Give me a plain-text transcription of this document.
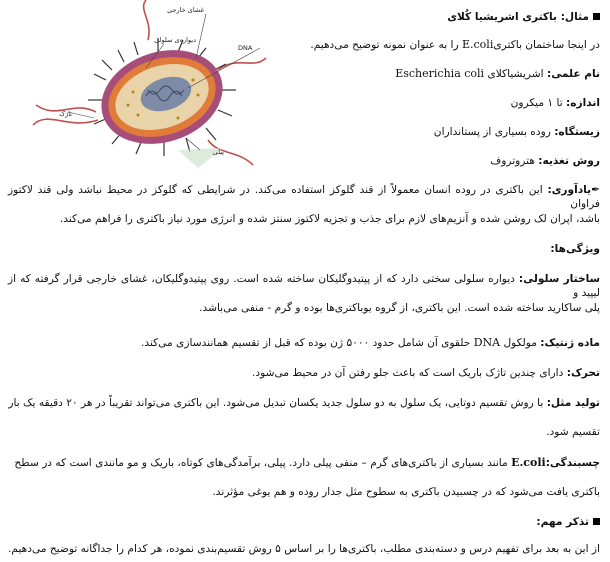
غشای خارجی
دیواره‌ی سلولی
DNA
تاژک
پیلی
مثال: باکتری اشریشیا کُلای
در اینجا ساختمان باکتریE.coli را به عنوان نمونه توضیح می‌دهیم.
نام علمی: اشریشیاکلای Escherichia coli
اندازه: تا ۱ میکرون
زیستگاه: روده بسیاری از پستانداران
روش تغذیه: هتروتروف
✒یادآوری: این باکتری در روده انسان معمولاً از قند گلوکز استفاده می‌کند. در شرایطی که گلوکز در محیط نباشد ولی قند لاکتوز فراوان
باشد، اپران لک روشن شده و آنزیم‌های لازم برای جذب و تجزیه لاکتوز سنتز شده و انرژی مورد نیاز باکتری را فراهم می‌کند.
ویژگی‌ها:
ساختار سلولی: دیواره سلولی سختی دارد که از پپتیدوگلیکان ساخته شده است. روی پپتیدوگلیکان، غشای خارجی قرار گرفته که از لیپید و
پلی ساکارید ساخته شده است. این باکتری، از گروه یوباکتری‌ها بوده و گرم - منفی می‌باشد.
ماده ژنتیک: مولکول DNA حلقوی آن شامل حدود ۵۰۰۰ ژن بوده که قبل از تقسیم همانندسازی می‌کند.
تحرک: دارای چندین تاژک باریک است که باعث جلو رفتن آن در محیط می‌شود.
تولید مثل: با روش تقسیم دوتایی، یک سلول به دو سلول جدید یکسان تبدیل می‌شود. این باکتری می‌تواند تقریباً در هر ۲۰ دقیقه یک بار
تقسیم شود.
چسبندگی:E.coli مانند بسیاری از باکتری‌های گرم – منفی پیلی دارد. پیلی، برآمدگی‌های کوتاه، باریک و مو مانندی است که در سطح
باکتری یافت می‌شود که در چسبیدن باکتری به سطوح مثل جدار روده و هم یوغی مؤثرند.
تذکر مهم:
از این به بعد برای تفهیم درس و دسته‌بندی مطلب، باکتری‌ها را بر اساس ۵ روش تقسیم‌بندی نموده، هر کدام را جداگانه توضیح می‌دهیم.
